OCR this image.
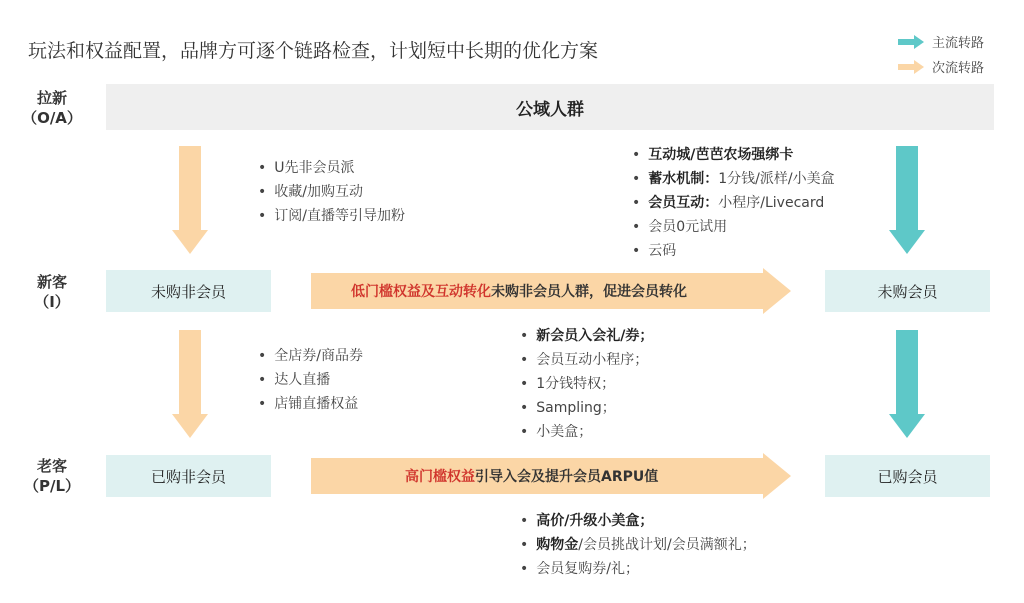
玩法和权益配置，品牌方可逐个链路检查，计划短中长期的优化方案	主流转路
次流转路
拉新
（O/A）
新客
（I）
老客
（P/L）
公域人群
未购非会员	未购会员
已购非会员	已购会员
低门槛权益及互动转化未购非会员人群，促进会员转化
高门槛权益引导入会及提升会员ARPU值
• U先非会员派
• 收藏/加购互动
• 订阅/直播等引导加粉
• 全店券/商品券
• 达人直播
• 店铺直播权益
• 互动城/芭芭农场强绑卡
• 蓄水机制：1分钱/派样/小美盒
• 会员互动：小程序/Livecard
• 会员0元试用
• 云码
• 新会员入会礼/券；
• 会员互动小程序；
• 1分钱特权；
• Sampling；
• 小美盒；
• 高价/升级小美盒；
• 购物金/会员挑战计划/会员满额礼；
• 会员复购券/礼；
